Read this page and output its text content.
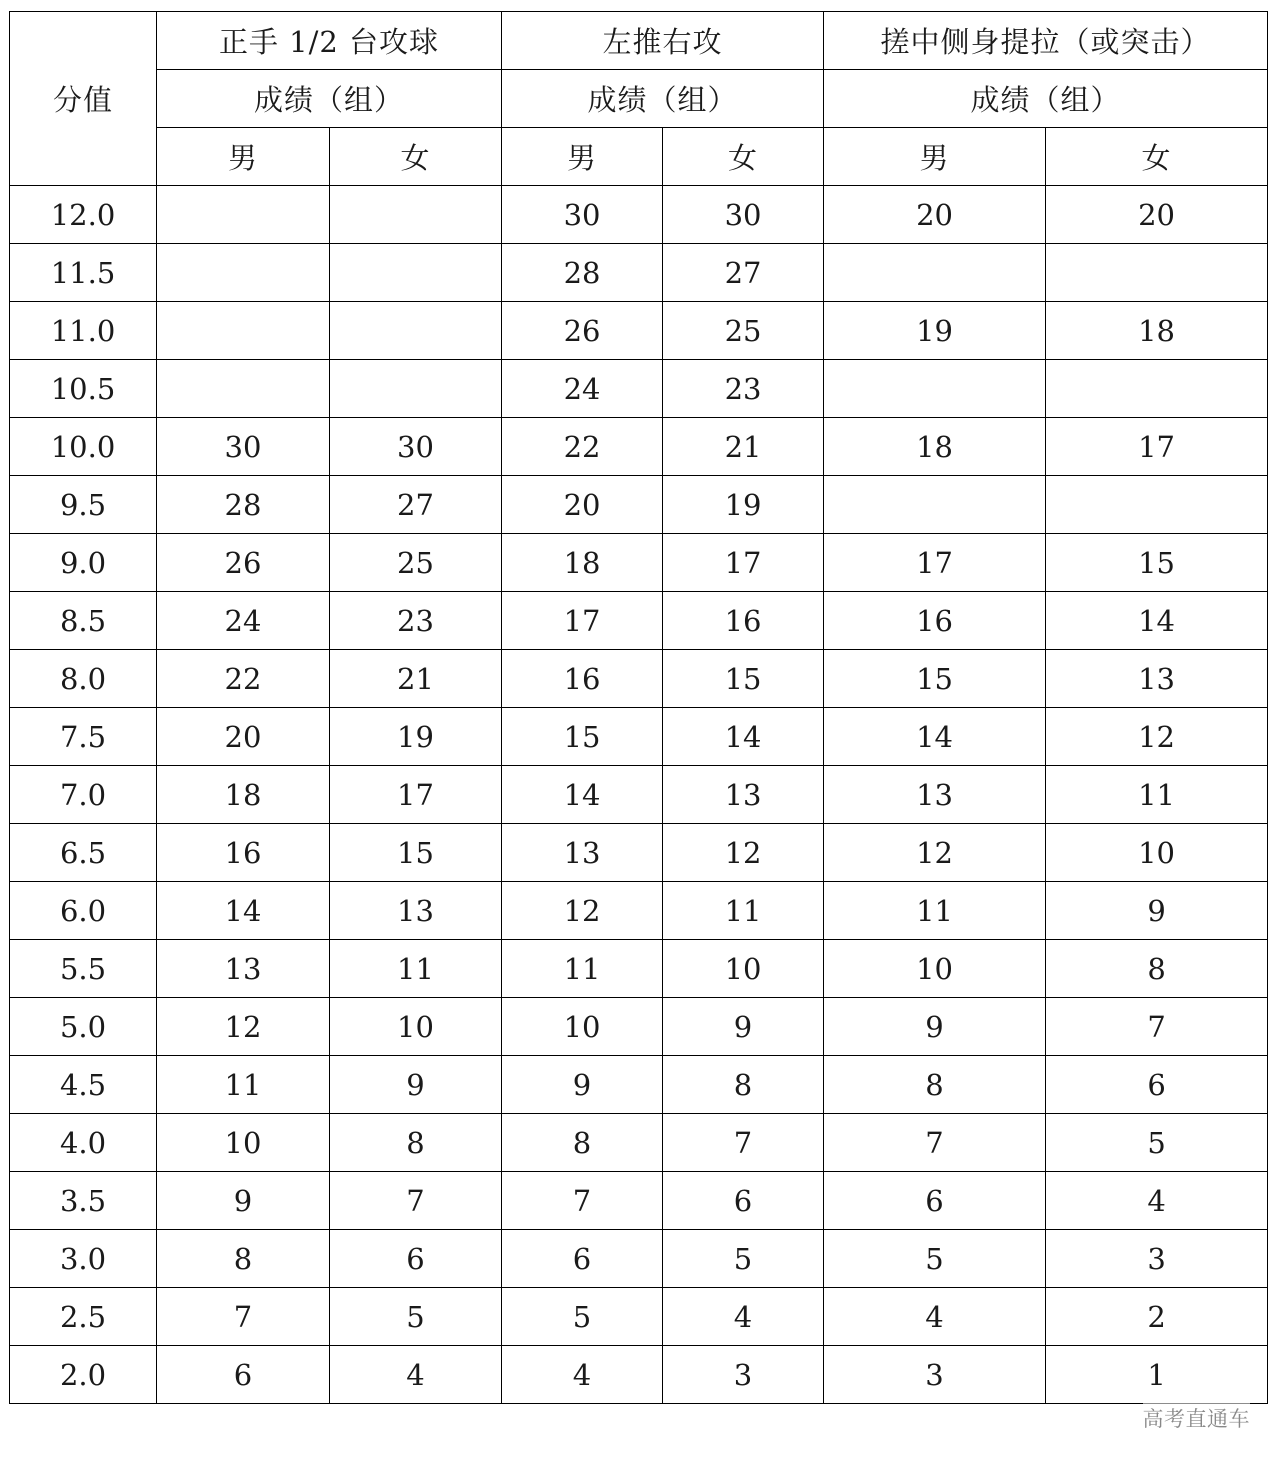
分值	正手 1/2 台攻球		左推右攻		搓中侧身提拉（或突击）	
	成绩（组）		成绩（组）		成绩（组）	
	男	女	男	女	男	女
12.0			30	30	20	20
11.5			28	27		
11.0			26	25	19	18
10.5			24	23		
10.0	30	30	22	21	18	17
9.5	28	27	20	19		
9.0	26	25	18	17	17	15
8.5	24	23	17	16	16	14
8.0	22	21	16	15	15	13
7.5	20	19	15	14	14	12
7.0	18	17	14	13	13	11
6.5	16	15	13	12	12	10
6.0	14	13	12	11	11	9
5.5	13	11	11	10	10	8
5.0	12	10	10	9	9	7
4.5	11	9	9	8	8	6
4.0	10	8	8	7	7	5
3.5	9	7	7	6	6	4
3.0	8	6	6	5	5	3
2.5	7	5	5	4	4	2
2.0	6	4	4	3	3	1
高考直通车
